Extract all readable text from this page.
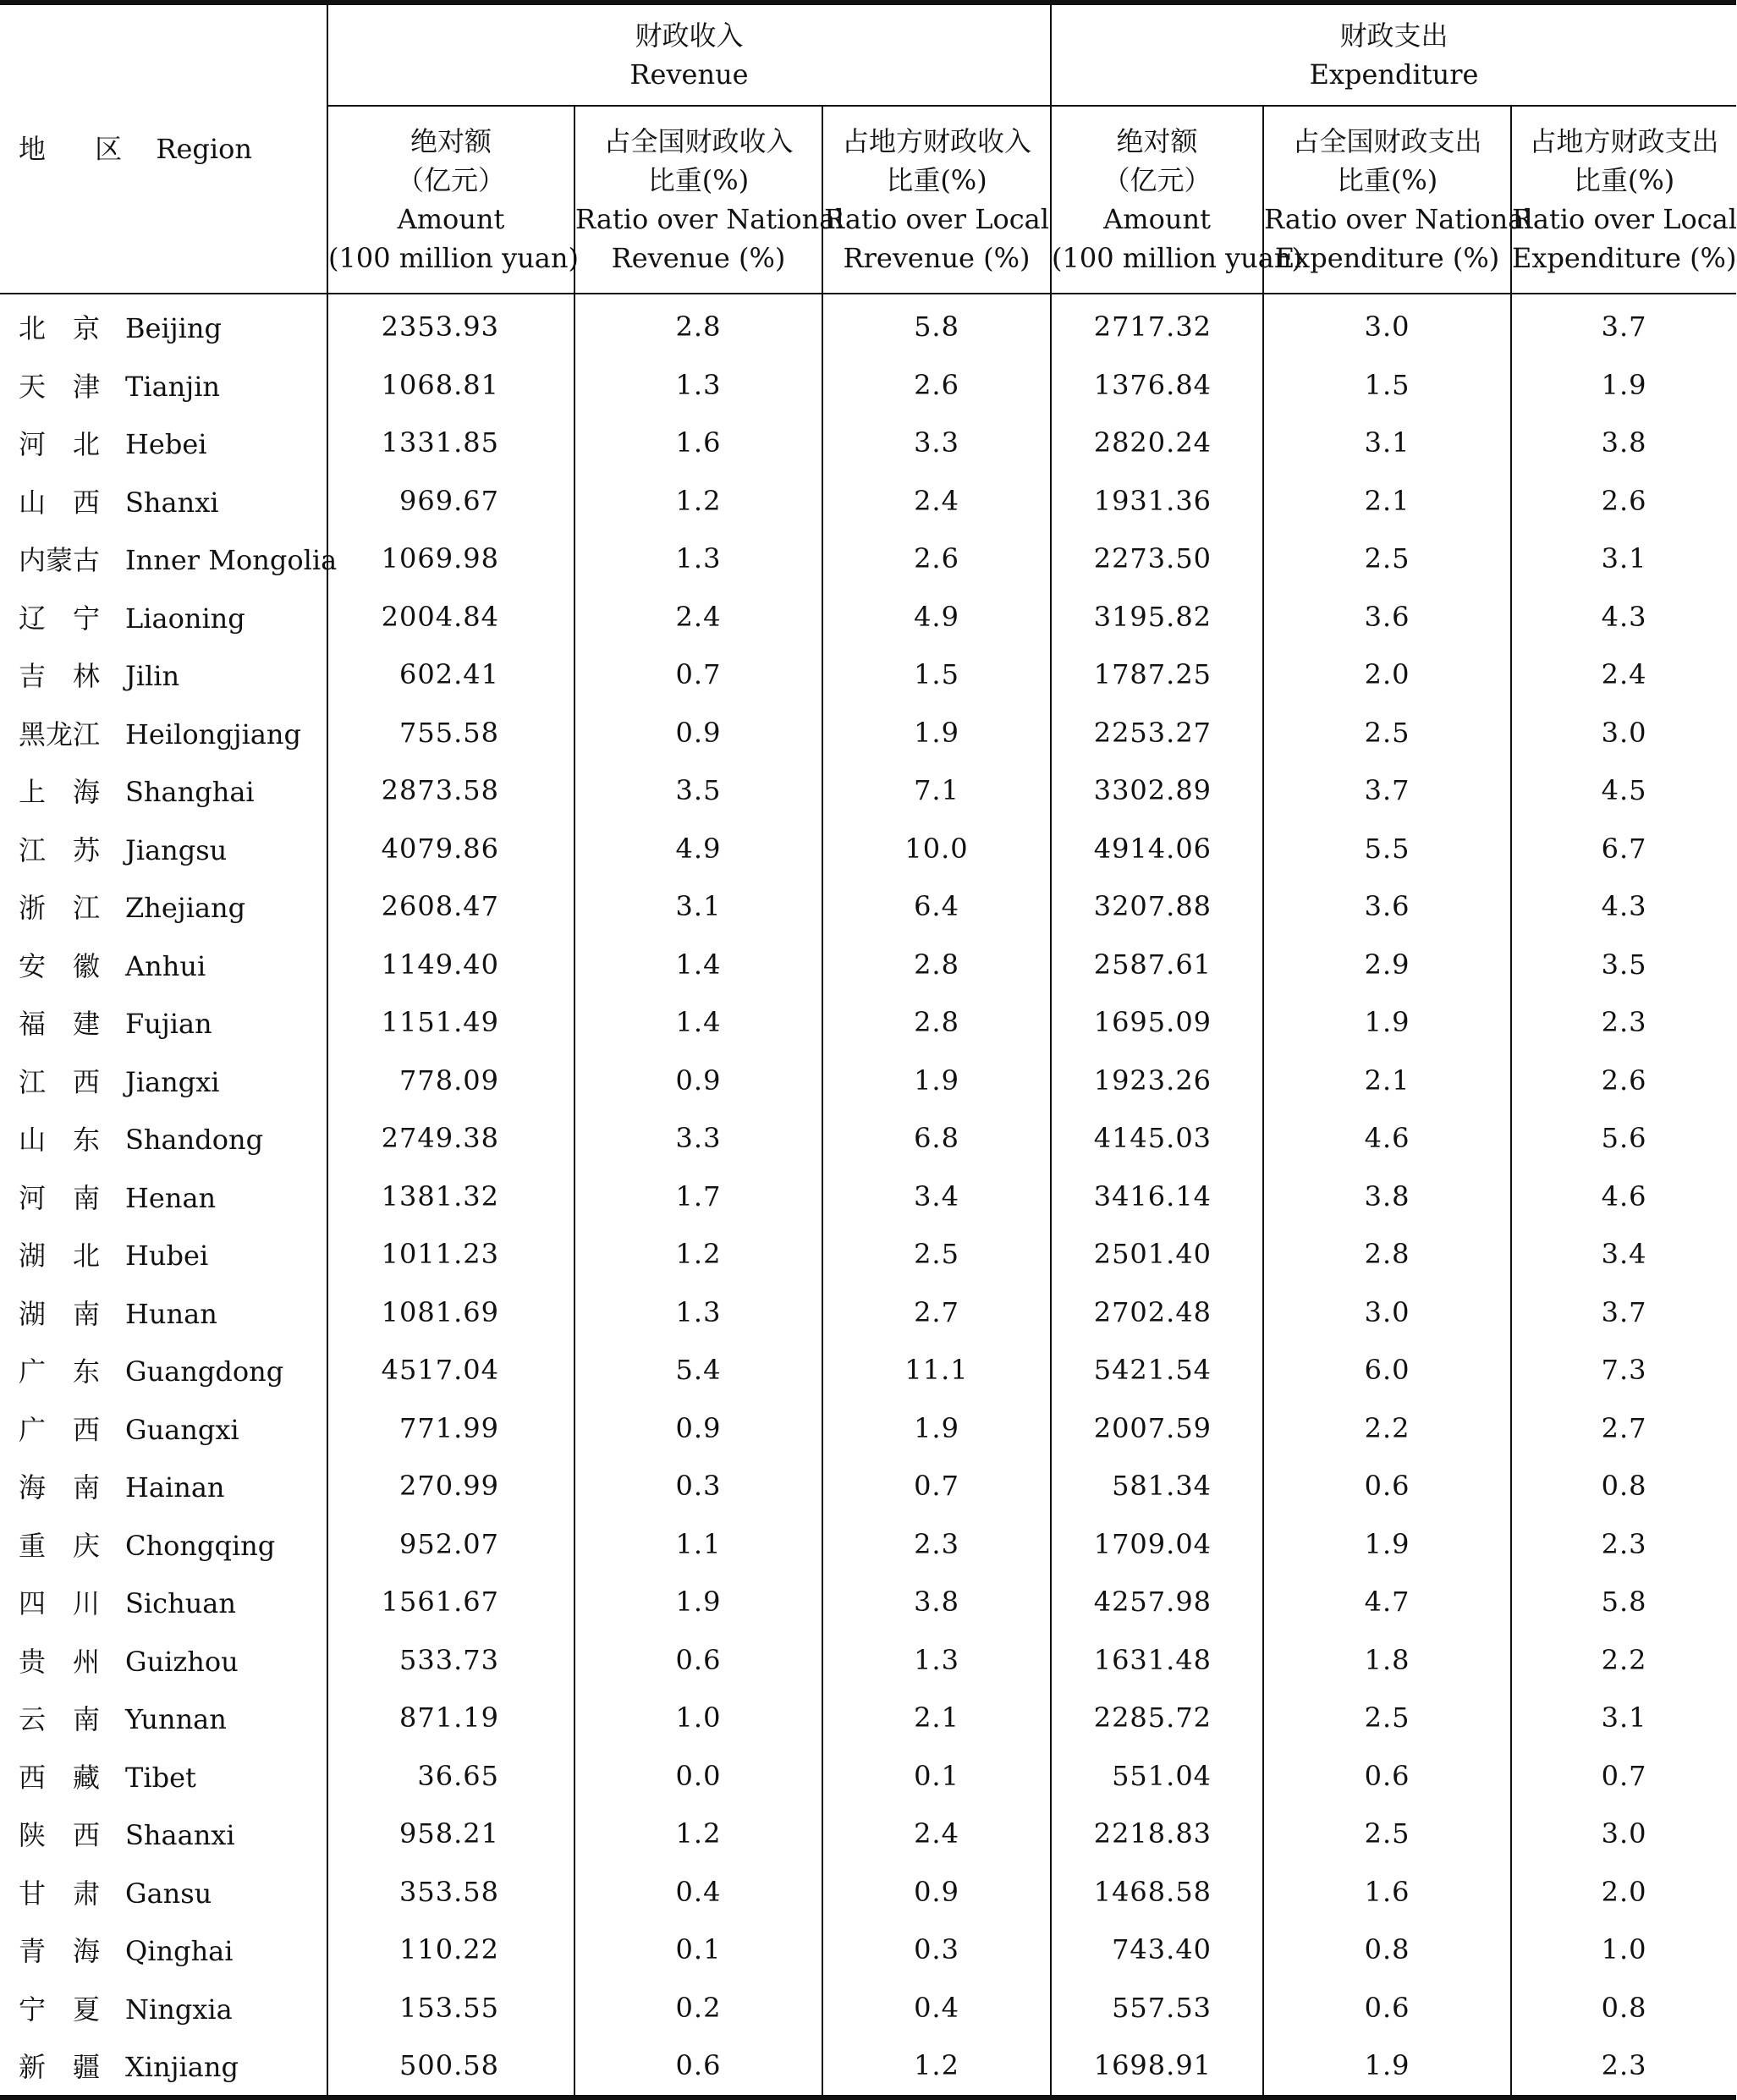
地 区 Region	财政收入
Revenue			财政支出
Expenditure		

	绝对额
（亿元）
Amount
(100 million yuan)	占全国财政收入
比重(%)
Ratio over National
Revenue (%)	占地方财政收入
比重(%)
Ratio over Local
Rrevenue (%)	绝对额
（亿元）
Amount
(100 million yuan)	占全国财政支出
比重(%)
Ratio over National
Expenditure (%)	占地方财政支出
比重(%)
Ratio over Local
Expenditure (%)

北　京 Beijing	2353.93	2.8	5.8	2717.32	3.0	3.7
天　津 Tianjin	1068.81	1.3	2.6	1376.84	1.5	1.9
河　北 Hebei	1331.85	1.6	3.3	2820.24	3.1	3.8
山　西 Shanxi	969.67	1.2	2.4	1931.36	2.1	2.6
内蒙古 Inner Mongolia	1069.98	1.3	2.6	2273.50	2.5	3.1
辽　宁 Liaoning	2004.84	2.4	4.9	3195.82	3.6	4.3
吉　林 Jilin	602.41	0.7	1.5	1787.25	2.0	2.4
黑龙江 Heilongjiang	755.58	0.9	1.9	2253.27	2.5	3.0
上　海 Shanghai	2873.58	3.5	7.1	3302.89	3.7	4.5
江　苏 Jiangsu	4079.86	4.9	10.0	4914.06	5.5	6.7
浙　江 Zhejiang	2608.47	3.1	6.4	3207.88	3.6	4.3
安　徽 Anhui	1149.40	1.4	2.8	2587.61	2.9	3.5
福　建 Fujian	1151.49	1.4	2.8	1695.09	1.9	2.3
江　西 Jiangxi	778.09	0.9	1.9	1923.26	2.1	2.6
山　东 Shandong	2749.38	3.3	6.8	4145.03	4.6	5.6
河　南 Henan	1381.32	1.7	3.4	3416.14	3.8	4.6
湖　北 Hubei	1011.23	1.2	2.5	2501.40	2.8	3.4
湖　南 Hunan	1081.69	1.3	2.7	2702.48	3.0	3.7
广　东 Guangdong	4517.04	5.4	11.1	5421.54	6.0	7.3
广　西 Guangxi	771.99	0.9	1.9	2007.59	2.2	2.7
海　南 Hainan	270.99	0.3	0.7	581.34	0.6	0.8
重　庆 Chongqing	952.07	1.1	2.3	1709.04	1.9	2.3
四　川 Sichuan	1561.67	1.9	3.8	4257.98	4.7	5.8
贵　州 Guizhou	533.73	0.6	1.3	1631.48	1.8	2.2
云　南 Yunnan	871.19	1.0	2.1	2285.72	2.5	3.1
西　藏 Tibet	36.65	0.0	0.1	551.04	0.6	0.7
陕　西 Shaanxi	958.21	1.2	2.4	2218.83	2.5	3.0
甘　肃 Gansu	353.58	0.4	0.9	1468.58	1.6	2.0
青　海 Qinghai	110.22	0.1	0.3	743.40	0.8	1.0
宁　夏 Ningxia	153.55	0.2	0.4	557.53	0.6	0.8
新　疆 Xinjiang	500.58	0.6	1.2	1698.91	1.9	2.3
